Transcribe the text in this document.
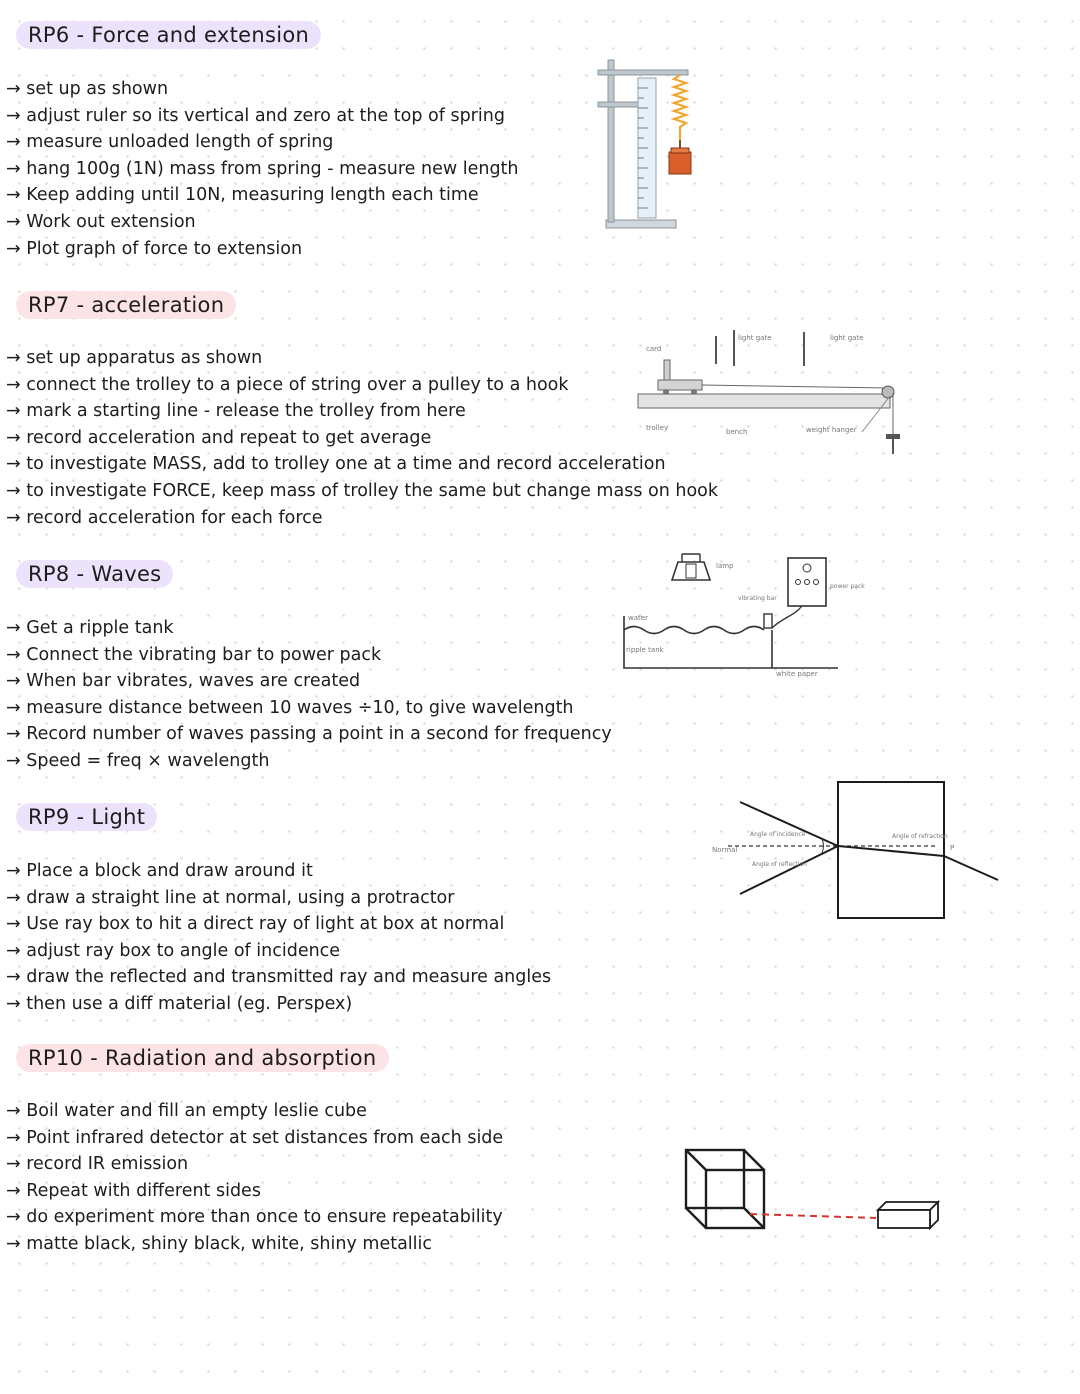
RP6 - Force and extension
→ set up as shown
→ adjust ruler so its vertical and zero at the top of spring
→ measure unloaded length of spring
→ hang 100g (1N) mass from spring - measure new length
→ Keep adding until 10N, measuring length each time
→ Work out extension
→ Plot graph of force to extension
RP7 - acceleration
→ set up apparatus as shown
→ connect the trolley to a piece of string over a pulley to a hook
→ mark a starting line - release the trolley from here
→ record acceleration and repeat to get average
→ to investigate MASS, add to trolley one at a time and record acceleration
→ to investigate FORCE, keep mass of trolley the same but change mass on hook
→ record acceleration for each force
card
light gate	light gate
trolley	bench	weight hanger
RP8 - Waves
→ Get a ripple tank
→ Connect the vibrating bar to power pack
→ When bar vibrates, waves are created
→ measure distance between 10 waves ÷10, to give wavelength
→ Record number of waves passing a point in a second for frequency
→ Speed = freq × wavelength
lamp
power pack
vibrating bar
water
ripple tank
white paper
RP9 - Light
→ Place a block and draw around it
→ draw a straight line at normal, using a protractor
→ Use ray box to hit a direct ray of light at box at normal
→ adjust ray box to angle of incidence
→ draw the reflected and transmitted ray and measure angles
→ then use a diff material (eg. Perspex)
Normal
Angle of incidence
Angle of reflection
Angle of refraction
P
RP10 - Radiation and absorption
→ Boil water and fill an empty leslie cube
→ Point infrared detector at set distances from each side
→ record IR emission
→ Repeat with different sides
→ do experiment more than once to ensure repeatability
→ matte black, shiny black, white, shiny metallic
